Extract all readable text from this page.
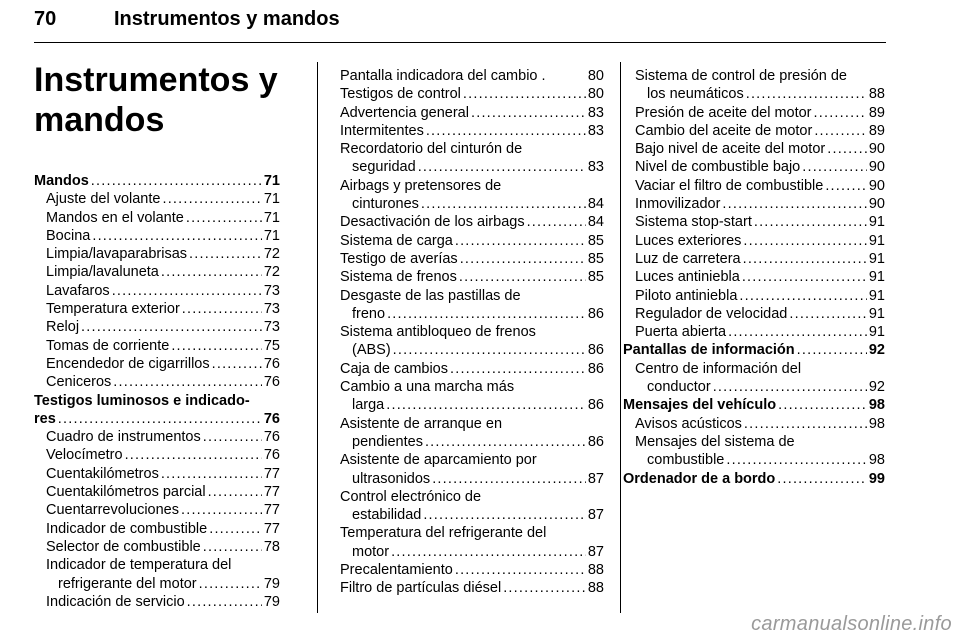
70	Instrumentos y mandos
Instrumentos y
mandos
Mandos .....	71
Ajuste del volante .....	71
Mandos en el volante .....	71
Bocina .....	71
Limpia/lavaparabrisas .....	72
Limpia/lavaluneta .....	72
Lavafaros .....	73
Temperatura exterior .....	73
Reloj .....	73
Tomas de corriente .....	75
Encendedor de cigarrillos .....	76
Ceniceros .....	76
Testigos luminosos e indicado-
res .....	76
Cuadro de instrumentos .....	76
Velocímetro .....	76
Cuentakilómetros .....	77
Cuentakilómetros parcial .....	77
Cuentarrevoluciones .....	77
Indicador de combustible .....	77
Selector de combustible .....	78
Indicador de temperatura del
refrigerante del motor .....	79
Indicación de servicio .....	79
Pantalla indicadora del cambio .	80
Testigos de control .....	80
Advertencia general .....	83
Intermitentes .....	83
Recordatorio del cinturón de
seguridad .....	83
Airbags y pretensores de
cinturones .....	84
Desactivación de los airbags .....	84
Sistema de carga .....	85
Testigo de averías .....	85
Sistema de frenos .....	85
Desgaste de las pastillas de
freno .....	86
Sistema antibloqueo de frenos
(ABS) .....	86
Caja de cambios .....	86
Cambio a una marcha más
larga .....	86
Asistente de arranque en
pendientes .....	86
Asistente de aparcamiento por
ultrasonidos .....	87
Control electrónico de
estabilidad .....	87
Temperatura del refrigerante del
motor .....	87
Precalentamiento .....	88
Filtro de partículas diésel .....	88
Sistema de control de presión de
los neumáticos .....	88
Presión de aceite del motor .....	89
Cambio del aceite de motor .....	89
Bajo nivel de aceite del motor .....	90
Nivel de combustible bajo .....	90
Vaciar el filtro de combustible .....	90
Inmovilizador .....	90
Sistema stop-start .....	91
Luces exteriores .....	91
Luz de carretera .....	91
Luces antiniebla .....	91
Piloto antiniebla .....	91
Regulador de velocidad .....	91
Puerta abierta .....	91
Pantallas de información .....	92
Centro de información del
conductor .....	92
Mensajes del vehículo .....	98
Avisos acústicos .....	98
Mensajes del sistema de
combustible .....	98
Ordenador de a bordo .....	99
carmanualsonline.info
